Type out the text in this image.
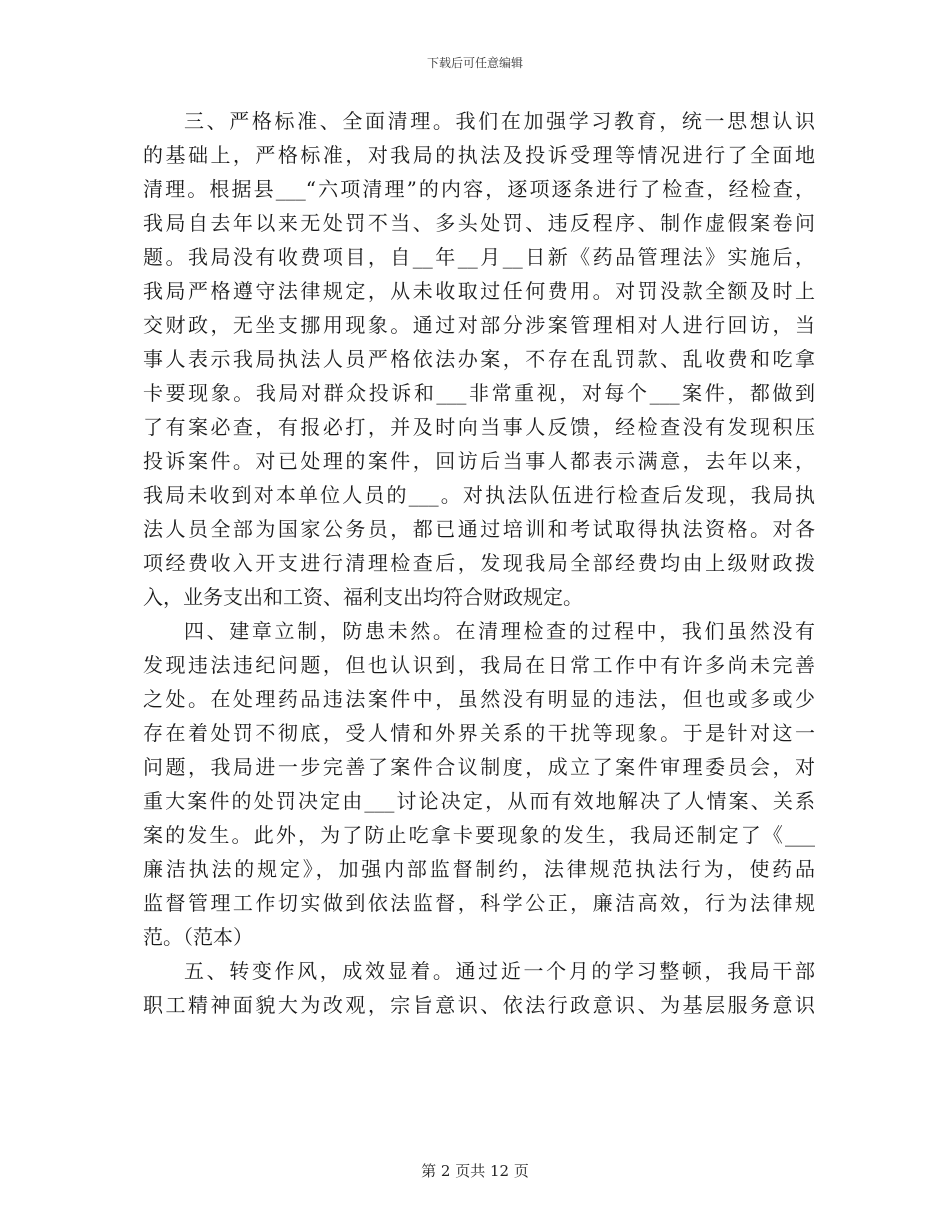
下载后可任意编辑
三、严格标准、全面清理。我们在加强学习教育，统一思想认识
的基础上，严格标准，对我局的执法及投诉受理等情况进行了全面地
清理。根据县___“六项清理”的内容，逐项逐条进行了检查，经检查，
我局自去年以来无处罚不当、多头处罚、违反程序、制作虚假案卷问
题。我局没有收费项目，自__年__月__日新《药品管理法》实施后，
我局严格遵守法律规定，从未收取过任何费用。对罚没款全额及时上
交财政，无坐支挪用现象。通过对部分涉案管理相对人进行回访，当
事人表示我局执法人员严格依法办案，不存在乱罚款、乱收费和吃拿
卡要现象。我局对群众投诉和___非常重视，对每个___案件，都做到
了有案必查，有报必打，并及时向当事人反馈，经检查没有发现积压
投诉案件。对已处理的案件，回访后当事人都表示满意，去年以来，
我局未收到对本单位人员的___。对执法队伍进行检查后发现，我局执
法人员全部为国家公务员，都已通过培训和考试取得执法资格。对各
项经费收入开支进行清理检查后，发现我局全部经费均由上级财政拨
入，业务支出和工资、福利支出均符合财政规定。
四、建章立制，防患未然。在清理检查的过程中，我们虽然没有
发现违法违纪问题，但也认识到，我局在日常工作中有许多尚未完善
之处。在处理药品违法案件中，虽然没有明显的违法，但也或多或少
存在着处罚不彻底，受人情和外界关系的干扰等现象。于是针对这一
问题，我局进一步完善了案件合议制度，成立了案件审理委员会，对
重大案件的处罚决定由___讨论决定，从而有效地解决了人情案、关系
案的发生。此外，为了防止吃拿卡要现象的发生，我局还制定了《___
廉洁执法的规定》，加强内部监督制约，法律规范执法行为，使药品
监督管理工作切实做到依法监督，科学公正，廉洁高效，行为法律规
范。（范本）
五、转变作风，成效显着。通过近一个月的学习整顿，我局干部
职工精神面貌大为改观，宗旨意识、依法行政意识、为基层服务意识
第 2 页共 12 页
